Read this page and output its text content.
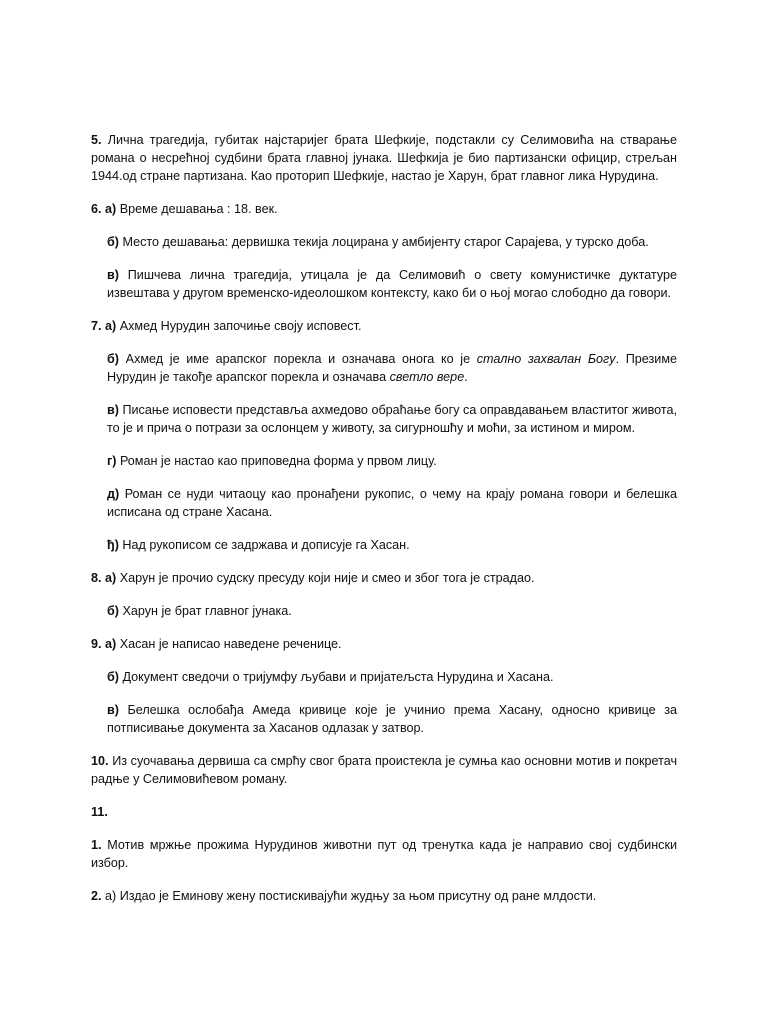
5. Лична трагедија, губитак најстаријег брата Шефкије, подстакли су Селимовића на стварање романа о несрећној судбини брата главној јунака. Шефкија је био партизански официр, стрељан 1944.од стране партизана. Као проторип Шефкије, настао је Харун, брат главног лика Нурудина.

6. а) Време дешавања : 18. век.

б) Место дешавања: дервишка текија лоцирана у амбијенту старог Сарајева, у турско доба.

в) Пишчева лична трагедија, утицала је да Селимовић о свету комунистичке дуктатуре извештава у другом временско-идеолошком контексту, како би о њој могао слободно да говори.

7. а) Ахмед Нурудин започиње своју исповест.

б) Ахмед је име арапског порекла и означава онога ко је стално захвалан Богу. Презиме Нурудин је такође арапског порекла и означава светло вере.

в) Писање исповести представља ахмедово обраћање богу са оправдавањем властитог живота, то је и прича о потрази за ослонцем у животу, за сигурношћу и моћи, за истином и миром.

г) Роман је настао као приповедна форма у првом лицу.

д) Роман се нуди читаоцу као пронађени рукопис, о чему на крају романа говори и белешка исписана од стране Хасана.

ђ) Над рукописом се задржава и дописује га Хасан.

8. а) Харун је прочио судску пресуду који није и смео и због тога је страдао.

б) Харун је брат главног јунака.

9. а) Хасан је написао наведене реченице.

б) Документ сведочи о тријумфу љубави и пријатељста Нурудина и Хасана.

в) Белешка ослобађа Амеда кривице које је учинио према Хасану, односно кривице за потписивање документа за Хасанов одлазак у затвор.

10. Из суочавања дервиша са смрћу свог брата проистекла је сумња као основни мотив и покретач радње у Селимовићевом роману.

11.

1. Мотив мржње прожима Нурудинов животни пут од тренутка када је направио свој судбински избор.

2. а) Издао је Еминову жену постискивајући жудњу за њом присутну од ране млдости.
